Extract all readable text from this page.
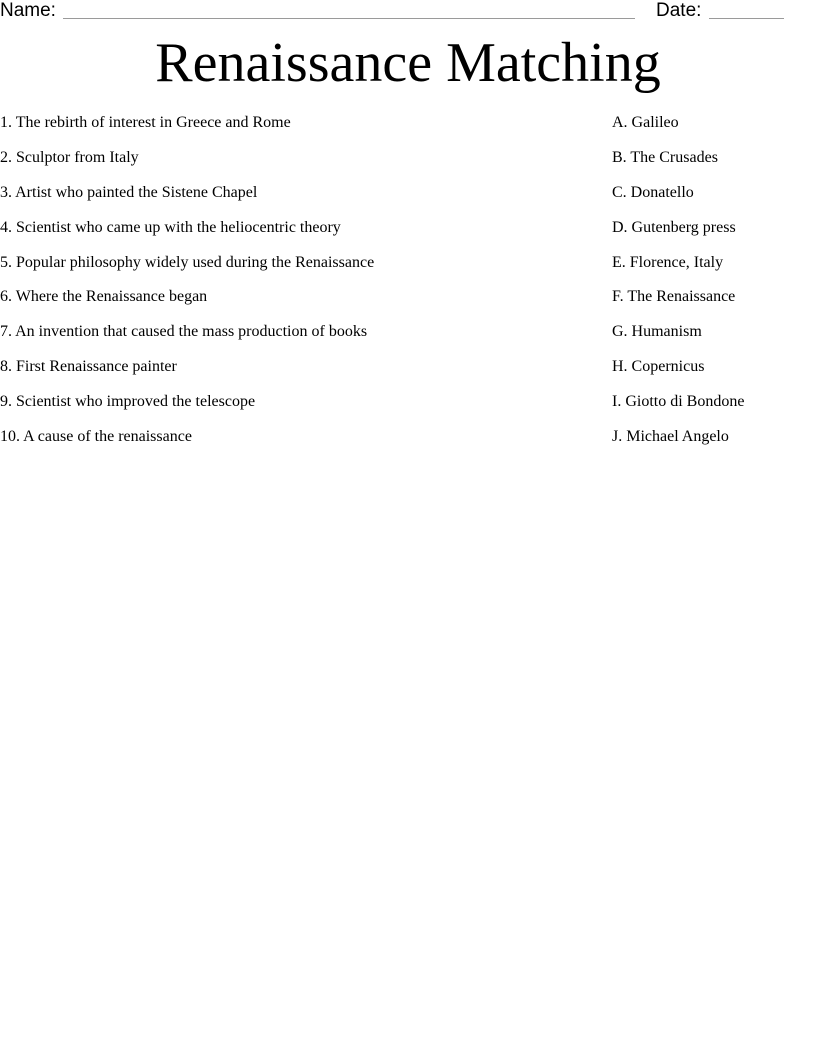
Name:	Date:
Renaissance Matching
1. The rebirth of interest in Greece and Rome
2. Sculptor from Italy
3. Artist who painted the Sistene Chapel
4. Scientist who came up with the heliocentric theory
5. Popular philosophy widely used during the Renaissance
6. Where the Renaissance began
7. An invention that caused the mass production of books
8. First Renaissance painter
9. Scientist who improved the telescope
10. A cause of the renaissance
A. Galileo
B. The Crusades
C. Donatello
D. Gutenberg press
E. Florence, Italy
F. The Renaissance
G. Humanism
H. Copernicus
I. Giotto di Bondone
J. Michael Angelo
